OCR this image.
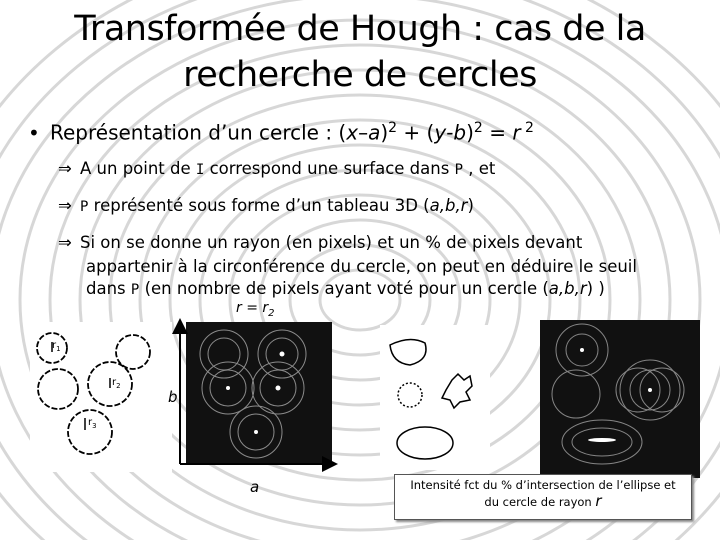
Transformée de Hough : cas de la
recherche de cercles
• Représentation d’un cercle : $(x-a)^2 + (y-b)^2 = r$ $^2$
⇒ A un point de I correspond une surface dans P , et
⇒ P représenté sous forme d’un tableau 3D (a,b,r)
⇒ Si on se donne un rayon (en pixels) et un % de pixels devant
appartenir à la circonférence du cercle, on peut en déduire le seuil
dans P (en nombre de pixels ayant voté pour un cercle (a,b,r) )
$r = r_2$
$r_1$
$r_2$
$r_3$
b
a	Intensité fct du % d’intersection de l’ellipse et
du cercle de rayon r
